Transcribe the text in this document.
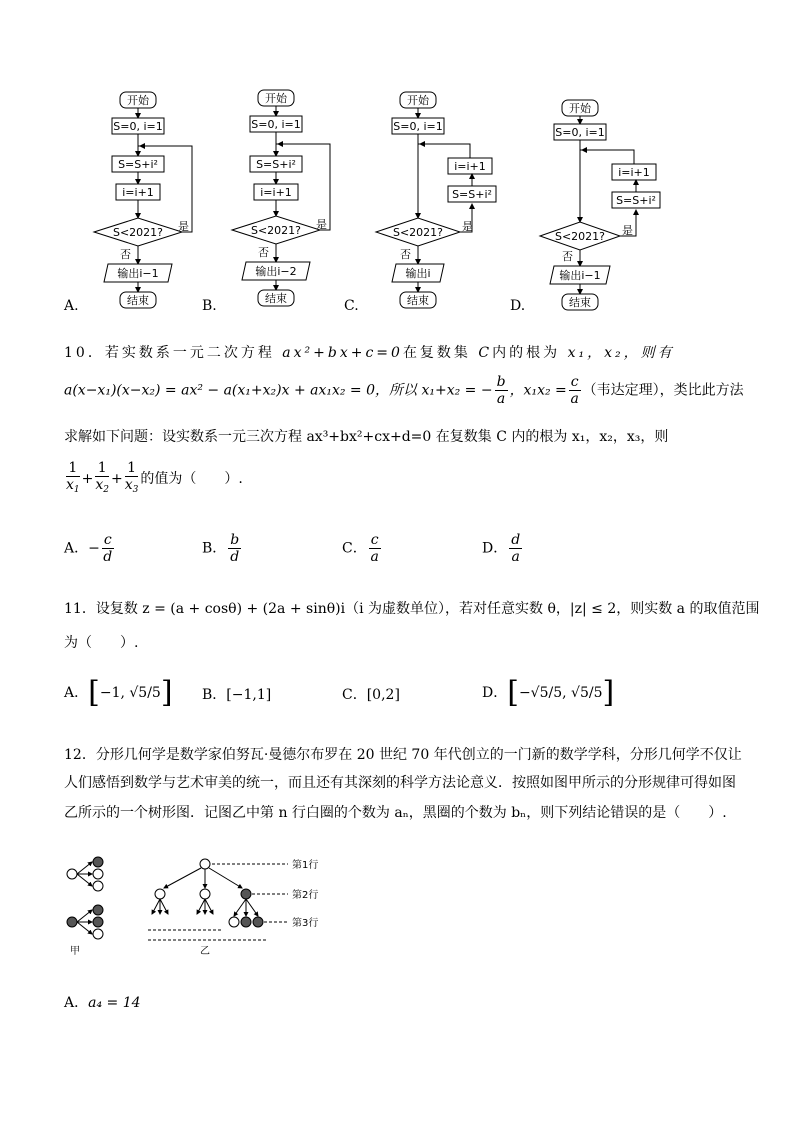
开始
S=0, i=1
S=S+i²
i=i+1
S<2021? 是
否
输出i−1
结束
开始
S=0, i=1
S=S+i²
i=i+1
S<2021? 是
否
输出i−2
结束
开始
S=0, i=1
i=i+1
S=S+i²
S<2021? 是
否
输出i
结束
开始
S=0, i=1
i=i+1
S=S+i²
S<2021? 是
否
输出i−1
结束
A.	B.	C.	D.
10．若实数系一元二次方程 ax²+bx+c=0在复数集 C内的根为 x₁，x₂，则有
a(x−x₁)(x−x₂) = ax² − a(x₁+x₂)x + ax₁x₂ = 0，所以 x₁+x₂ = − $\frac{b}{a}$ ，$x_1x_2 = \frac{c}{a}$ （韦达定理），类比此方法
求解如下问题：设实数系一元三次方程 ax³+bx²+cx+d=0 在复数集 C 内的根为 x₁，x₂，x₃，则
$\frac{1}{x_1} + \frac{1}{x_2} + \frac{1}{x_3}$ 的值为（　　）.
A．− $\frac{c}{d}$	B． $\frac{b}{d}$	C． $\frac{c}{a}$	D． $\frac{d}{a}$
11．设复数 z = (a + cosθ) + (2a + sinθ)i（i 为虚数单位），若对任意实数 θ，|z| ≤ 2，则实数 a 的取值范围
为（　　）.
A．[−1, √5/5] B．[−1,1]	C．[0,2]	D．[−√5/5, √5/5]
12．分形几何学是数学家伯努瓦·曼德尔布罗在 20 世纪 70 年代创立的一门新的数学学科，分形几何学不仅让
人们感悟到数学与艺术审美的统一，而且还有其深刻的科学方法论意义．按照如图甲所示的分形规律可得如图
乙所示的一个树形图．记图乙中第 n 行白圈的个数为 aₙ，黑圈的个数为 bₙ，则下列结论错误的是（　　）.
甲
第1行
第2行
第3行
乙
A．a₄ = 14
